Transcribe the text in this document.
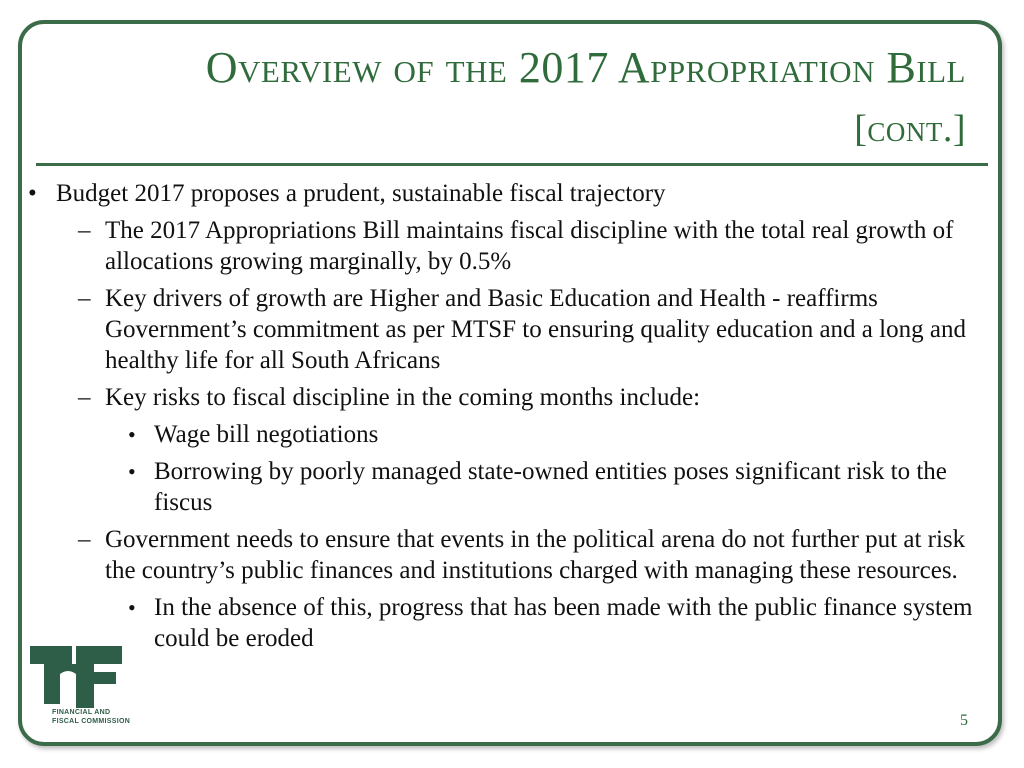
Overview of the 2017 Appropriation Bill
[cont.]
• Budget 2017 proposes a prudent, sustainable fiscal trajectory
– The 2017 Appropriations Bill maintains fiscal discipline with the total real growth of allocations growing marginally, by 0.5%
– Key drivers of growth are Higher and Basic Education and Health - reaffirms Government’s commitment as per MTSF to ensuring quality education and a long and healthy life for all South Africans
– Key risks to fiscal discipline in the coming months include:
• Wage bill negotiations
• Borrowing by poorly managed state-owned entities poses significant risk to the fiscus
– Government needs to ensure that events in the political arena do not further put at risk the country’s public finances and institutions charged with managing these resources.
• In the absence of this, progress that has been made with the public finance system could be eroded
FINANCIAL AND FISCAL COMMISSION	5
